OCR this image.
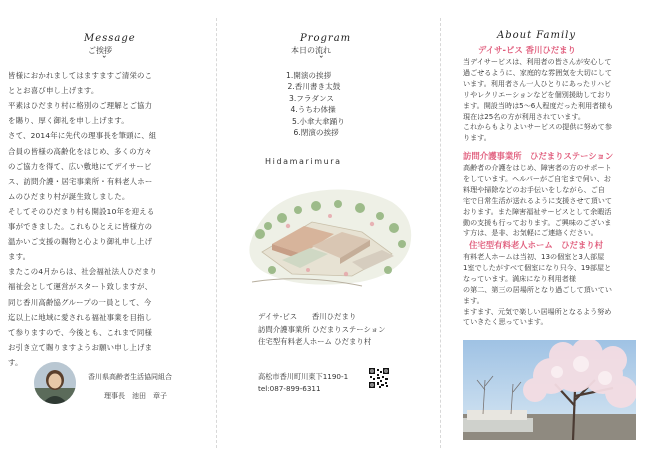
Message
ご挨拶
ˇ
皆様におかれましてはますますご清栄のこ
ととお喜び申し上げます。
平素はひだまり村に格別のご理解とご協力
を賜り、厚く御礼を申し上げます。
さて、2014年に先代の理事長を筆頭に、組
合員の皆様の高齢化をはじめ、多くの方々
のご協力を得て、広い敷地にてデイサービ
ス、訪問介護・居宅事業所・有料老人ホー
ムのひだまり村が誕生致しました。
そしてそのひだまり村も開設10年を迎える
事ができました。これもひとえに皆様方の
温かいご支援の賜物と心より御礼申し上げ
ます。
またこの4月からは、社会福祉法人ひだまり
福祉会として運営がスタート致しますが、
同じ香川高齢協グループの一員として、今
迄以上に地域に愛される福祉事業を目指し
て参りますので、今後とも、これまで同様
お引き立て賜りますようお願い申し上げま
す。
香川県高齢者生活協同組合
理事長 池田　章子
Program
本日の流れ
ˇ
1.開演の挨拶
2.香川書き太鼓
3.フラダンス
4.うちわ体操
5.小傘大傘踊り
6.閉演の挨拶
Hidamarimura
デイサ-ビス　　香川ひだまり
訪問介護事業所 ひだまりステーション
住宅型有料老人ホーム ひだまり村
高松市香川町川東下1190-1
tel:087-899-6311
About Family
デイサ-ビス 香川ひだまり
当デイサービスは、利用者の皆さんが安心して
過ごせるように、家庭的な雰囲気を大切にして
います。利用者さん一人ひとりにあったリハビ
リやレクリエーションなどを個別援助しており
ます。開設当時は5〜6人程度だった利用者様も
現在は25名の方が利用されています。
これからもよりよいサービスの提供に努めて参
ります。
訪問介護事業所　ひだまりステーション
高齢者の介護をはじめ、障害者の方のサポート
をしています。ヘルパーがご自宅まで伺い、お
料理や掃除などのお手伝いをしながら、ご自
宅で日常生活が送れるように支援させて頂いて
おります。また障害福祉サービスとして余暇活
動の支援も行っております。ご興味のございま
す方は、是非、お気軽にご連絡ください。
住宅型有料老人ホーム　ひだまり村
有料老人ホームは当初、13の個室と3人部屋
1室でしたがすべて個室になり只今、19部屋と
なっています。満床になり利用者様
の第二、第三の居場所となり過ごして頂いてい
ます。
ますます、元気で楽しい居場所となるよう努め
ていきたく思っています。
